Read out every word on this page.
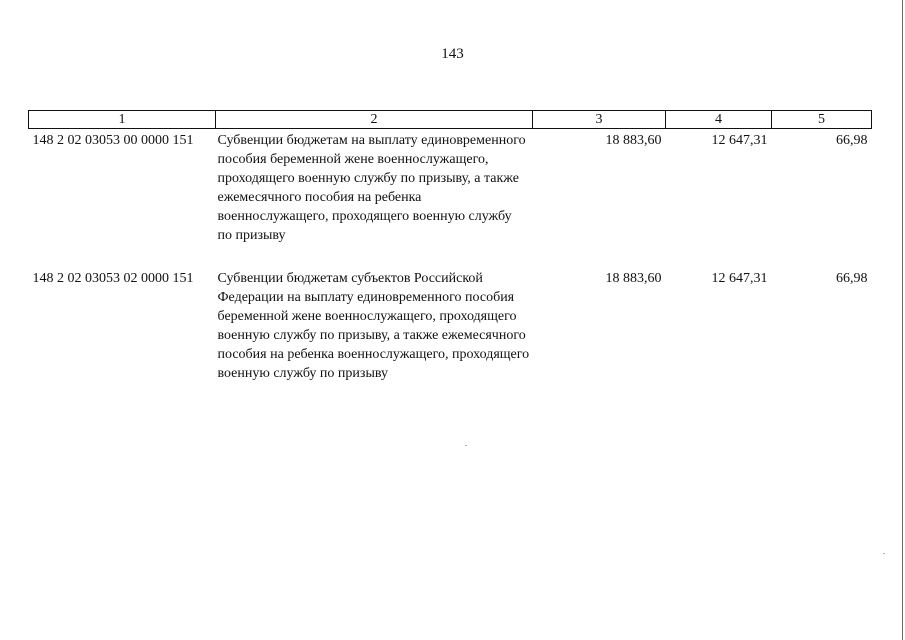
143
1	2	3	4	5
148 2 02 03053 00 0000 151	Субвенции бюджетам на выплату единовременного пособия беременной жене военнослужащего, проходящего военную службу по призыву, а также ежемесячного пособия на ребенка военнослужащего, проходящего военную службу по призыву	18 883,60	12 647,31	66,98

148 2 02 03053 02 0000 151	Субвенции бюджетам субъектов Российской Федерации на выплату единовременного пособия беременной жене военнослужащего, проходящего военную службу по призыву, а также ежемесячного пособия на ребенка военнослужащего, проходящего военную службу по призыву	18 883,60	12 647,31	66,98
